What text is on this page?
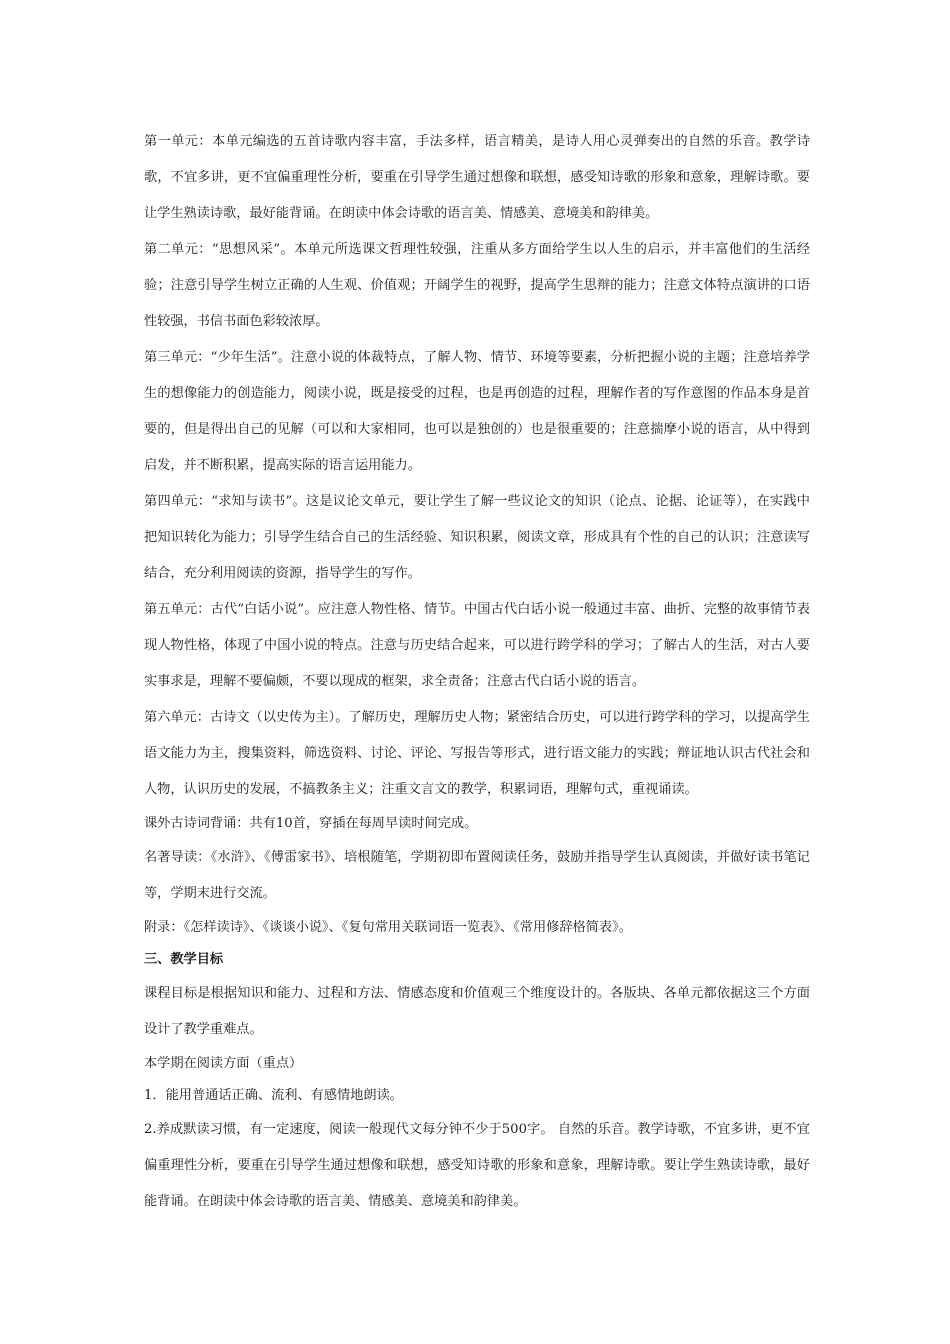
第一单元：本单元编选的五首诗歌内容丰富，手法多样，语言精美，是诗人用心灵弹奏出的自然的乐音。教学诗歌，不宜多讲，更不宜偏重理性分析，要重在引导学生通过想像和联想，感受知诗歌的形象和意象，理解诗歌。要让学生熟读诗歌，最好能背诵。在朗读中体会诗歌的语言美、情感美、意境美和韵律美。

第二单元：“思想风采”。本单元所选课文哲理性较强，注重从多方面给学生以人生的启示，并丰富他们的生活经验；注意引导学生树立正确的人生观、价值观；开阔学生的视野，提高学生思辩的能力；注意文体特点演讲的口语性较强，书信书面色彩较浓厚。

第三单元：“少年生活”。注意小说的体裁特点，了解人物、情节、环境等要素，分析把握小说的主题；注意培养学生的想像能力的创造能力，阅读小说，既是接受的过程，也是再创造的过程，理解作者的写作意图的作品本身是首要的，但是得出自己的见解（可以和大家相同，也可以是独创的）也是很重要的；注意揣摩小说的语言，从中得到启发，并不断积累，提高实际的语言运用能力。

第四单元：“求知与读书”。这是议论文单元，要让学生了解一些议论文的知识（论点、论据、论证等），在实践中把知识转化为能力；引导学生结合自己的生活经验、知识积累，阅读文章，形成具有个性的自己的认识；注意读写结合，充分利用阅读的资源，指导学生的写作。

第五单元：古代“白话小说”。应注意人物性格、情节。中国古代白话小说一般通过丰富、曲折、完整的故事情节表现人物性格，体现了中国小说的特点。注意与历史结合起来，可以进行跨学科的学习；了解古人的生活，对古人要实事求是，理解不要偏颇，不要以现成的框架，求全责备；注意古代白话小说的语言。

第六单元：古诗文（以史传为主）。了解历史，理解历史人物；紧密结合历史，可以进行跨学科的学习，以提高学生语文能力为主，搜集资料，筛选资料、讨论、评论、写报告等形式，进行语文能力的实践；辩证地认识古代社会和人物，认识历史的发展，不搞教条主义；注重文言文的教学，积累词语，理解句式，重视诵读。

课外古诗词背诵：共有10首，穿插在每周早读时间完成。

名著导读：《水浒》、《傅雷家书》、培根随笔，学期初即布置阅读任务，鼓励并指导学生认真阅读，并做好读书笔记等，学期末进行交流。

附录：《怎样读诗》、《谈谈小说》、《复句常用关联词语一览表》、《常用修辞格简表》。

三、教学目标

课程目标是根据知识和能力、过程和方法、情感态度和价值观三个维度设计的。各版块、各单元都依据这三个方面设计了教学重难点。

本学期在阅读方面（重点）

1．能用普通话正确、流利、有感情地朗读。

2.养成默读习惯，有一定速度，阅读一般现代文每分钟不少于500字。 自然的乐音。教学诗歌，不宜多讲，更不宜偏重理性分析，要重在引导学生通过想像和联想，感受知诗歌的形象和意象，理解诗歌。要让学生熟读诗歌，最好能背诵。在朗读中体会诗歌的语言美、情感美、意境美和韵律美。
